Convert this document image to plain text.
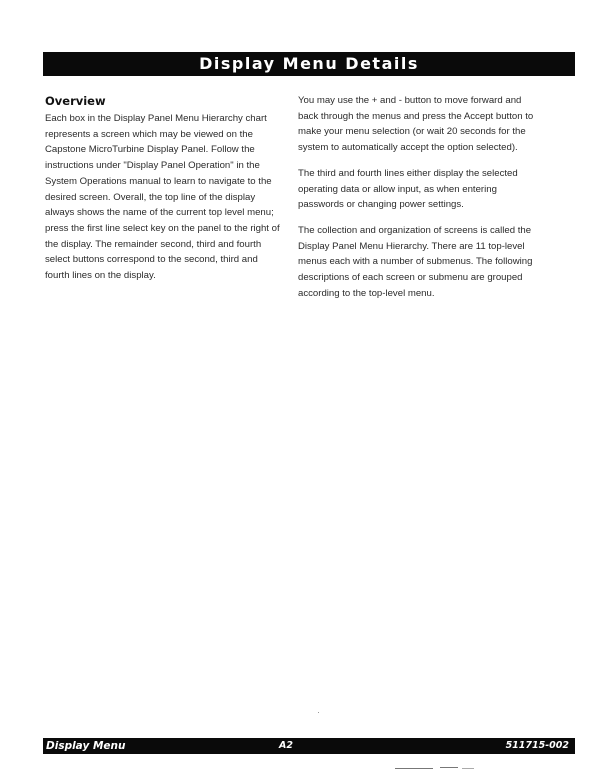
Display Menu Details
Overview

Each box in the Display Panel Menu Hierarchy chart represents a screen which may be viewed on the Capstone MicroTurbine Display Panel. Follow the instructions under "Display Panel Operation" in the System Operations manual to learn to navigate to the desired screen. Overall, the top line of the display always shows the name of the current top level menu; press the first line select key on the panel to the right of the display. The remainder second, third and fourth select buttons correspond to the second, third and fourth lines on the display.

You may use the + and - button to move forward and back through the menus and press the Accept button to make your menu selection (or wait 20 seconds for the system to automatically accept the option selected).

The third and fourth lines either display the selected operating data or allow input, as when entering passwords or changing power settings.

The collection and organization of screens is called the Display Panel Menu Hierarchy. There are 11 top-level menus each with a number of submenus. The following descriptions of each screen or submenu are grouped according to the top-level menu.

Display Menu	A2	511715-002
